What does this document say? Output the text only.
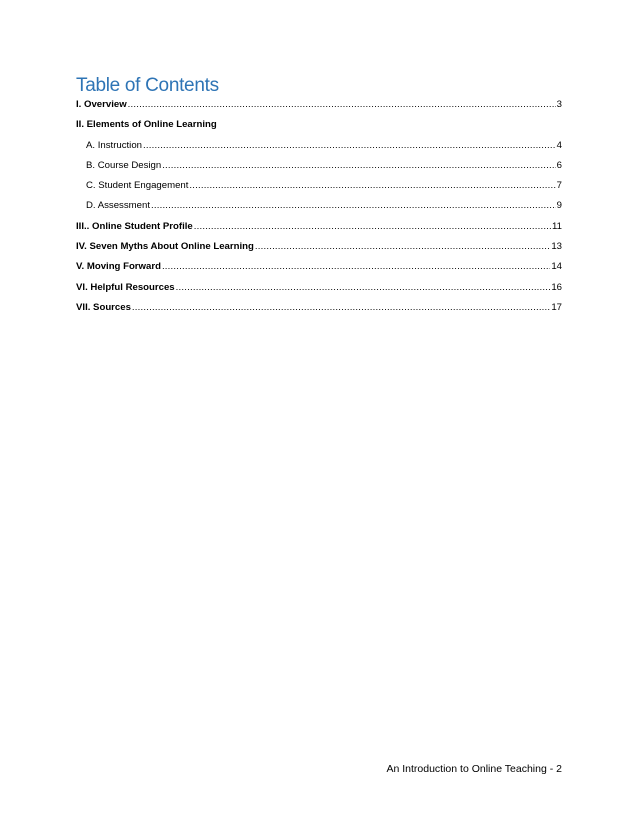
Table of Contents
I. Overview .....	3
II. Elements of Online Learning
A. Instruction .....	4
B. Course Design .....	6
C. Student Engagement .....	7
D. Assessment .....	9
III.. Online Student Profile .....	11
IV. Seven Myths About Online Learning .....	13
V. Moving Forward .....	14
VI. Helpful Resources .....	16
VII. Sources .....	17
An Introduction to Online Teaching - 2
